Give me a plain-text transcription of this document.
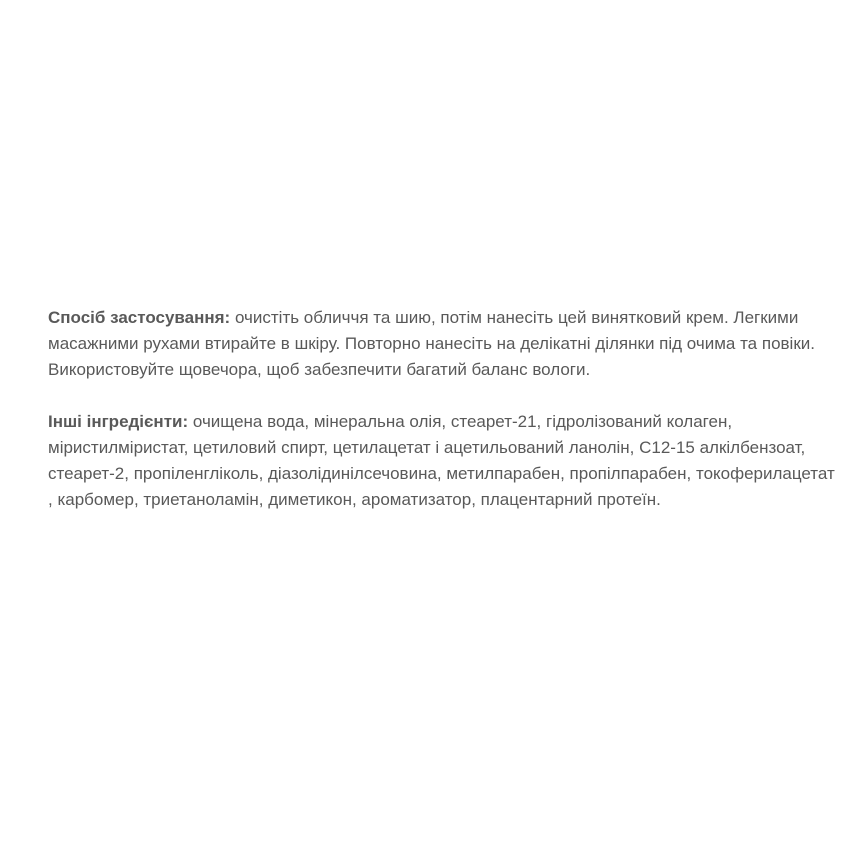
Спосіб застосування: очистіть обличчя та шию, потім нанесіть цей винятковий крем. Легкими масажними рухами втирайте в шкіру. Повторно нанесіть на делікатні ділянки під очима та повіки. Використовуйте щовечора, щоб забезпечити багатий баланс вологи.

Інші інгредієнти: очищена вода, мінеральна олія, стеарет-21, гідролізований колаген, міристилміристат, цетиловий спирт, цетилацетат і ацетильований ланолін, С12-15 алкілбензоат, стеарет-2, пропіленгліколь, діазолідинілсечовина, метилпарабен, пропілпарабен, токоферилацетат , карбомер, триетаноламін, диметикон, ароматизатор, плацентарний протеїн.
